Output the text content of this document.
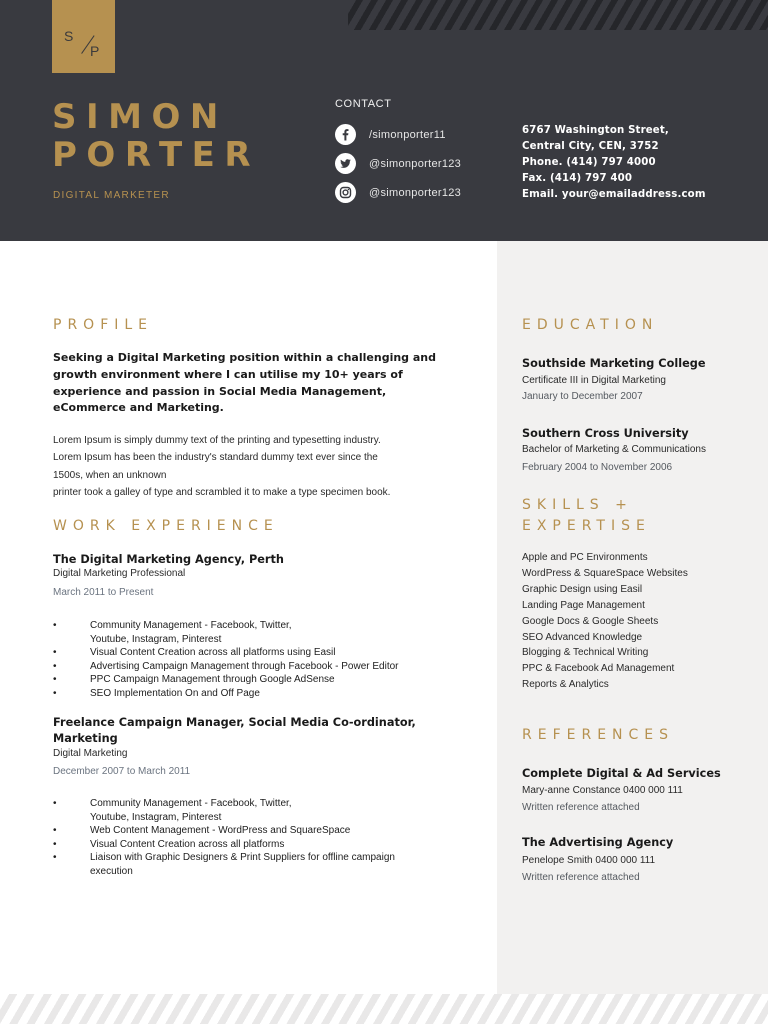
S
P
SIMON
PORTER
DIGITAL MARKETER
CONTACT
/simonporter11
@simonporter123
@simonporter123
6767 Washington Street,
Central City, CEN, 3752
Phone. (414) 797 4000
Fax. (414) 797 400
Email. your@emailaddress.com
PROFILE
Seeking a Digital Marketing position within a challenging and growth environment where I can utilise my 10+ years of experience and passion in Social Media Management, eCommerce and Marketing.
Lorem Ipsum is simply dummy text of the printing and typesetting industry.
Lorem Ipsum has been the industry's standard dummy text ever since the
1500s, when an unknown
printer took a galley of type and scrambled it to make a type specimen book.
WORK EXPERIENCE
The Digital Marketing Agency, Perth
Digital Marketing Professional
March 2011 to Present
• Community Management - Facebook, Twitter,
Youtube, Instagram, Pinterest
• Visual Content Creation across all platforms using Easil
• Advertising Campaign Management through Facebook - Power Editor
• PPC Campaign Management through Google AdSense
• SEO Implementation On and Off Page
Freelance Campaign Manager, Social Media Co-ordinator, Marketing
Digital Marketing
December 2007 to March 2011
• Community Management - Facebook, Twitter,
Youtube, Instagram, Pinterest
• Web Content Management - WordPress and SquareSpace
• Visual Content Creation across all platforms
• Liaison with Graphic Designers & Print Suppliers for offline campaign execution
EDUCATION
Southside Marketing College
Certificate III in Digital Marketing
January to December 2007
Southern Cross University
Bachelor of Marketing & Communications
February 2004 to November 2006
SKILLS +
EXPERTISE
Apple and PC Environments
WordPress & SquareSpace Websites
Graphic Design using Easil
Landing Page Management
Google Docs & Google Sheets
SEO Advanced Knowledge
Blogging & Technical Writing
PPC & Facebook Ad Management
Reports & Analytics
REFERENCES
Complete Digital & Ad Services
Mary-anne Constance 0400 000 111
Written reference attached
The Advertising Agency
Penelope Smith 0400 000 111
Written reference attached
